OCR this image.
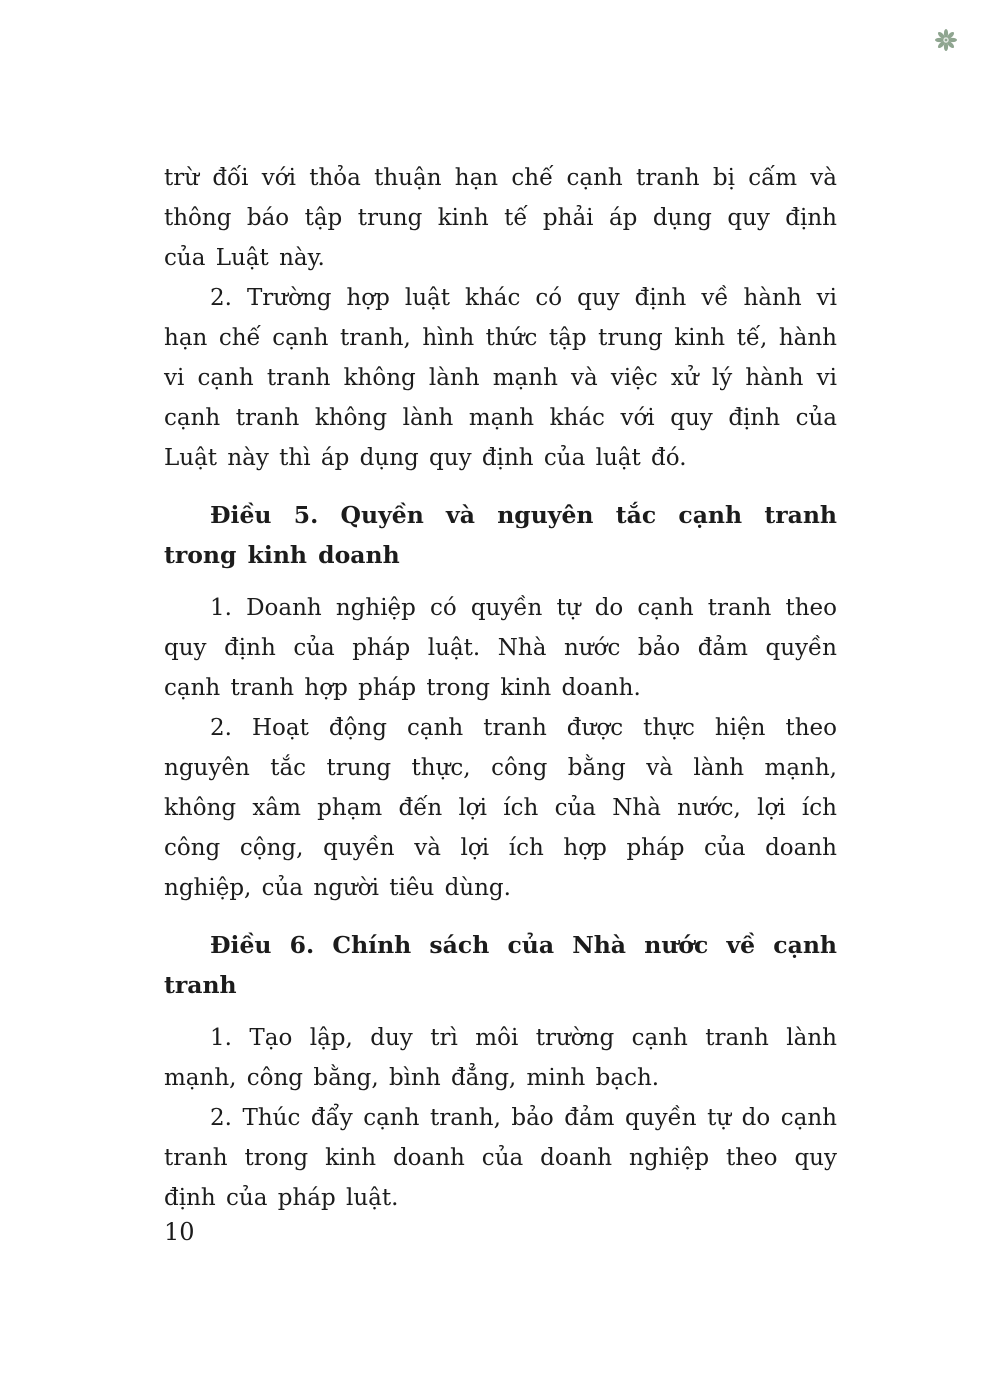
trừ đối với thỏa thuận hạn chế cạnh tranh bị cấm và thông báo tập trung kinh tế phải áp dụng quy định của Luật này.

2. Trường hợp luật khác có quy định về hành vi hạn chế cạnh tranh, hình thức tập trung kinh tế, hành vi cạnh tranh không lành mạnh và việc xử lý hành vi cạnh tranh không lành mạnh khác với quy định của Luật này thì áp dụng quy định của luật đó.

Điều 5. Quyền và nguyên tắc cạnh tranh trong kinh doanh

1. Doanh nghiệp có quyền tự do cạnh tranh theo quy định của pháp luật. Nhà nước bảo đảm quyền cạnh tranh hợp pháp trong kinh doanh.

2. Hoạt động cạnh tranh được thực hiện theo nguyên tắc trung thực, công bằng và lành mạnh, không xâm phạm đến lợi ích của Nhà nước, lợi ích công cộng, quyền và lợi ích hợp pháp của doanh nghiệp, của người tiêu dùng.

Điều 6. Chính sách của Nhà nước về cạnh tranh

1. Tạo lập, duy trì môi trường cạnh tranh lành mạnh, công bằng, bình đẳng, minh bạch.

2. Thúc đẩy cạnh tranh, bảo đảm quyền tự do cạnh tranh trong kinh doanh của doanh nghiệp theo quy định của pháp luật.

10
